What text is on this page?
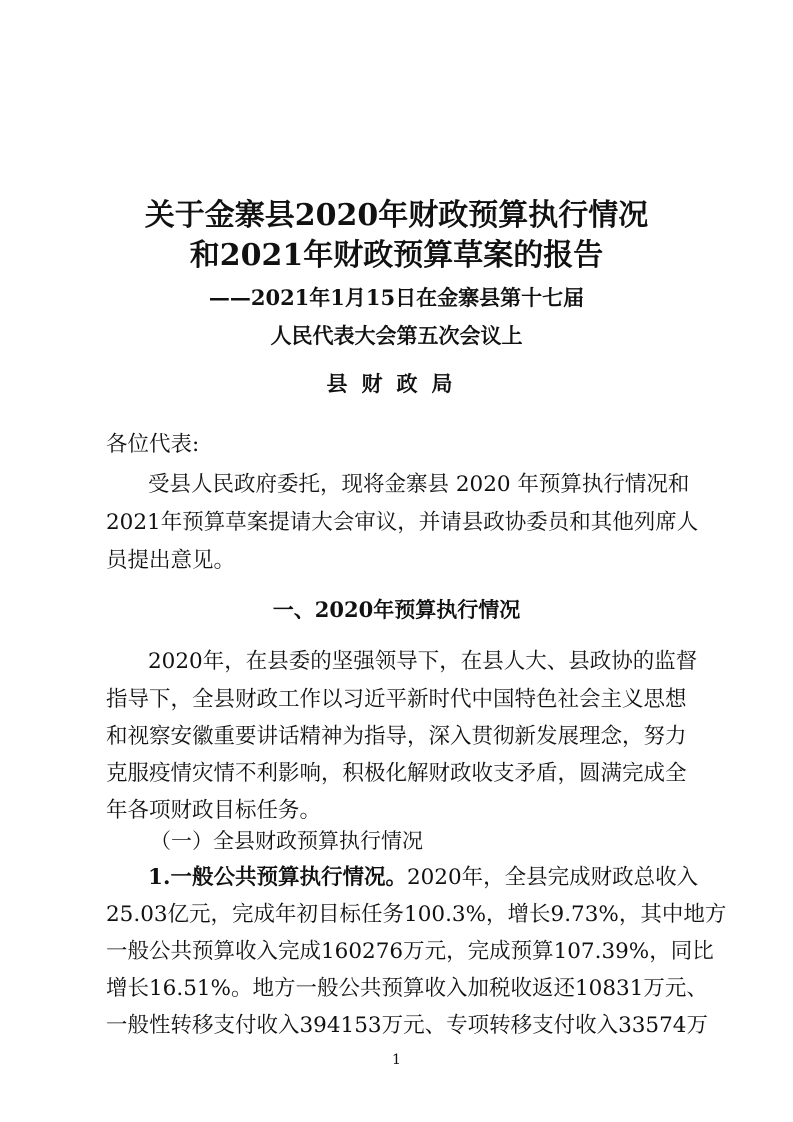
关于金寨县2020年财政预算执行情况
和2021年财政预算草案的报告
——2021年1月15日在金寨县第十七届
人民代表大会第五次会议上
县财政局
各位代表:
受县人民政府委托，现将金寨县 2020 年预算执行情况和
2021年预算草案提请大会审议，并请县政协委员和其他列席人
员提出意见。
一、2020年预算执行情况
2020年，在县委的坚强领导下，在县人大、县政协的监督
指导下，全县财政工作以习近平新时代中国特色社会主义思想
和视察安徽重要讲话精神为指导，深入贯彻新发展理念，努力
克服疫情灾情不利影响，积极化解财政收支矛盾，圆满完成全
年各项财政目标任务。
（一）全县财政预算执行情况
1.一般公共预算执行情况。2020年，全县完成财政总收入
25.03亿元，完成年初目标任务100.3%，增长9.73%，其中地方
一般公共预算收入完成160276万元，完成预算107.39%，同比
增长16.51%。地方一般公共预算收入加税收返还10831万元、
一般性转移支付收入394153万元、专项转移支付收入33574万
1
